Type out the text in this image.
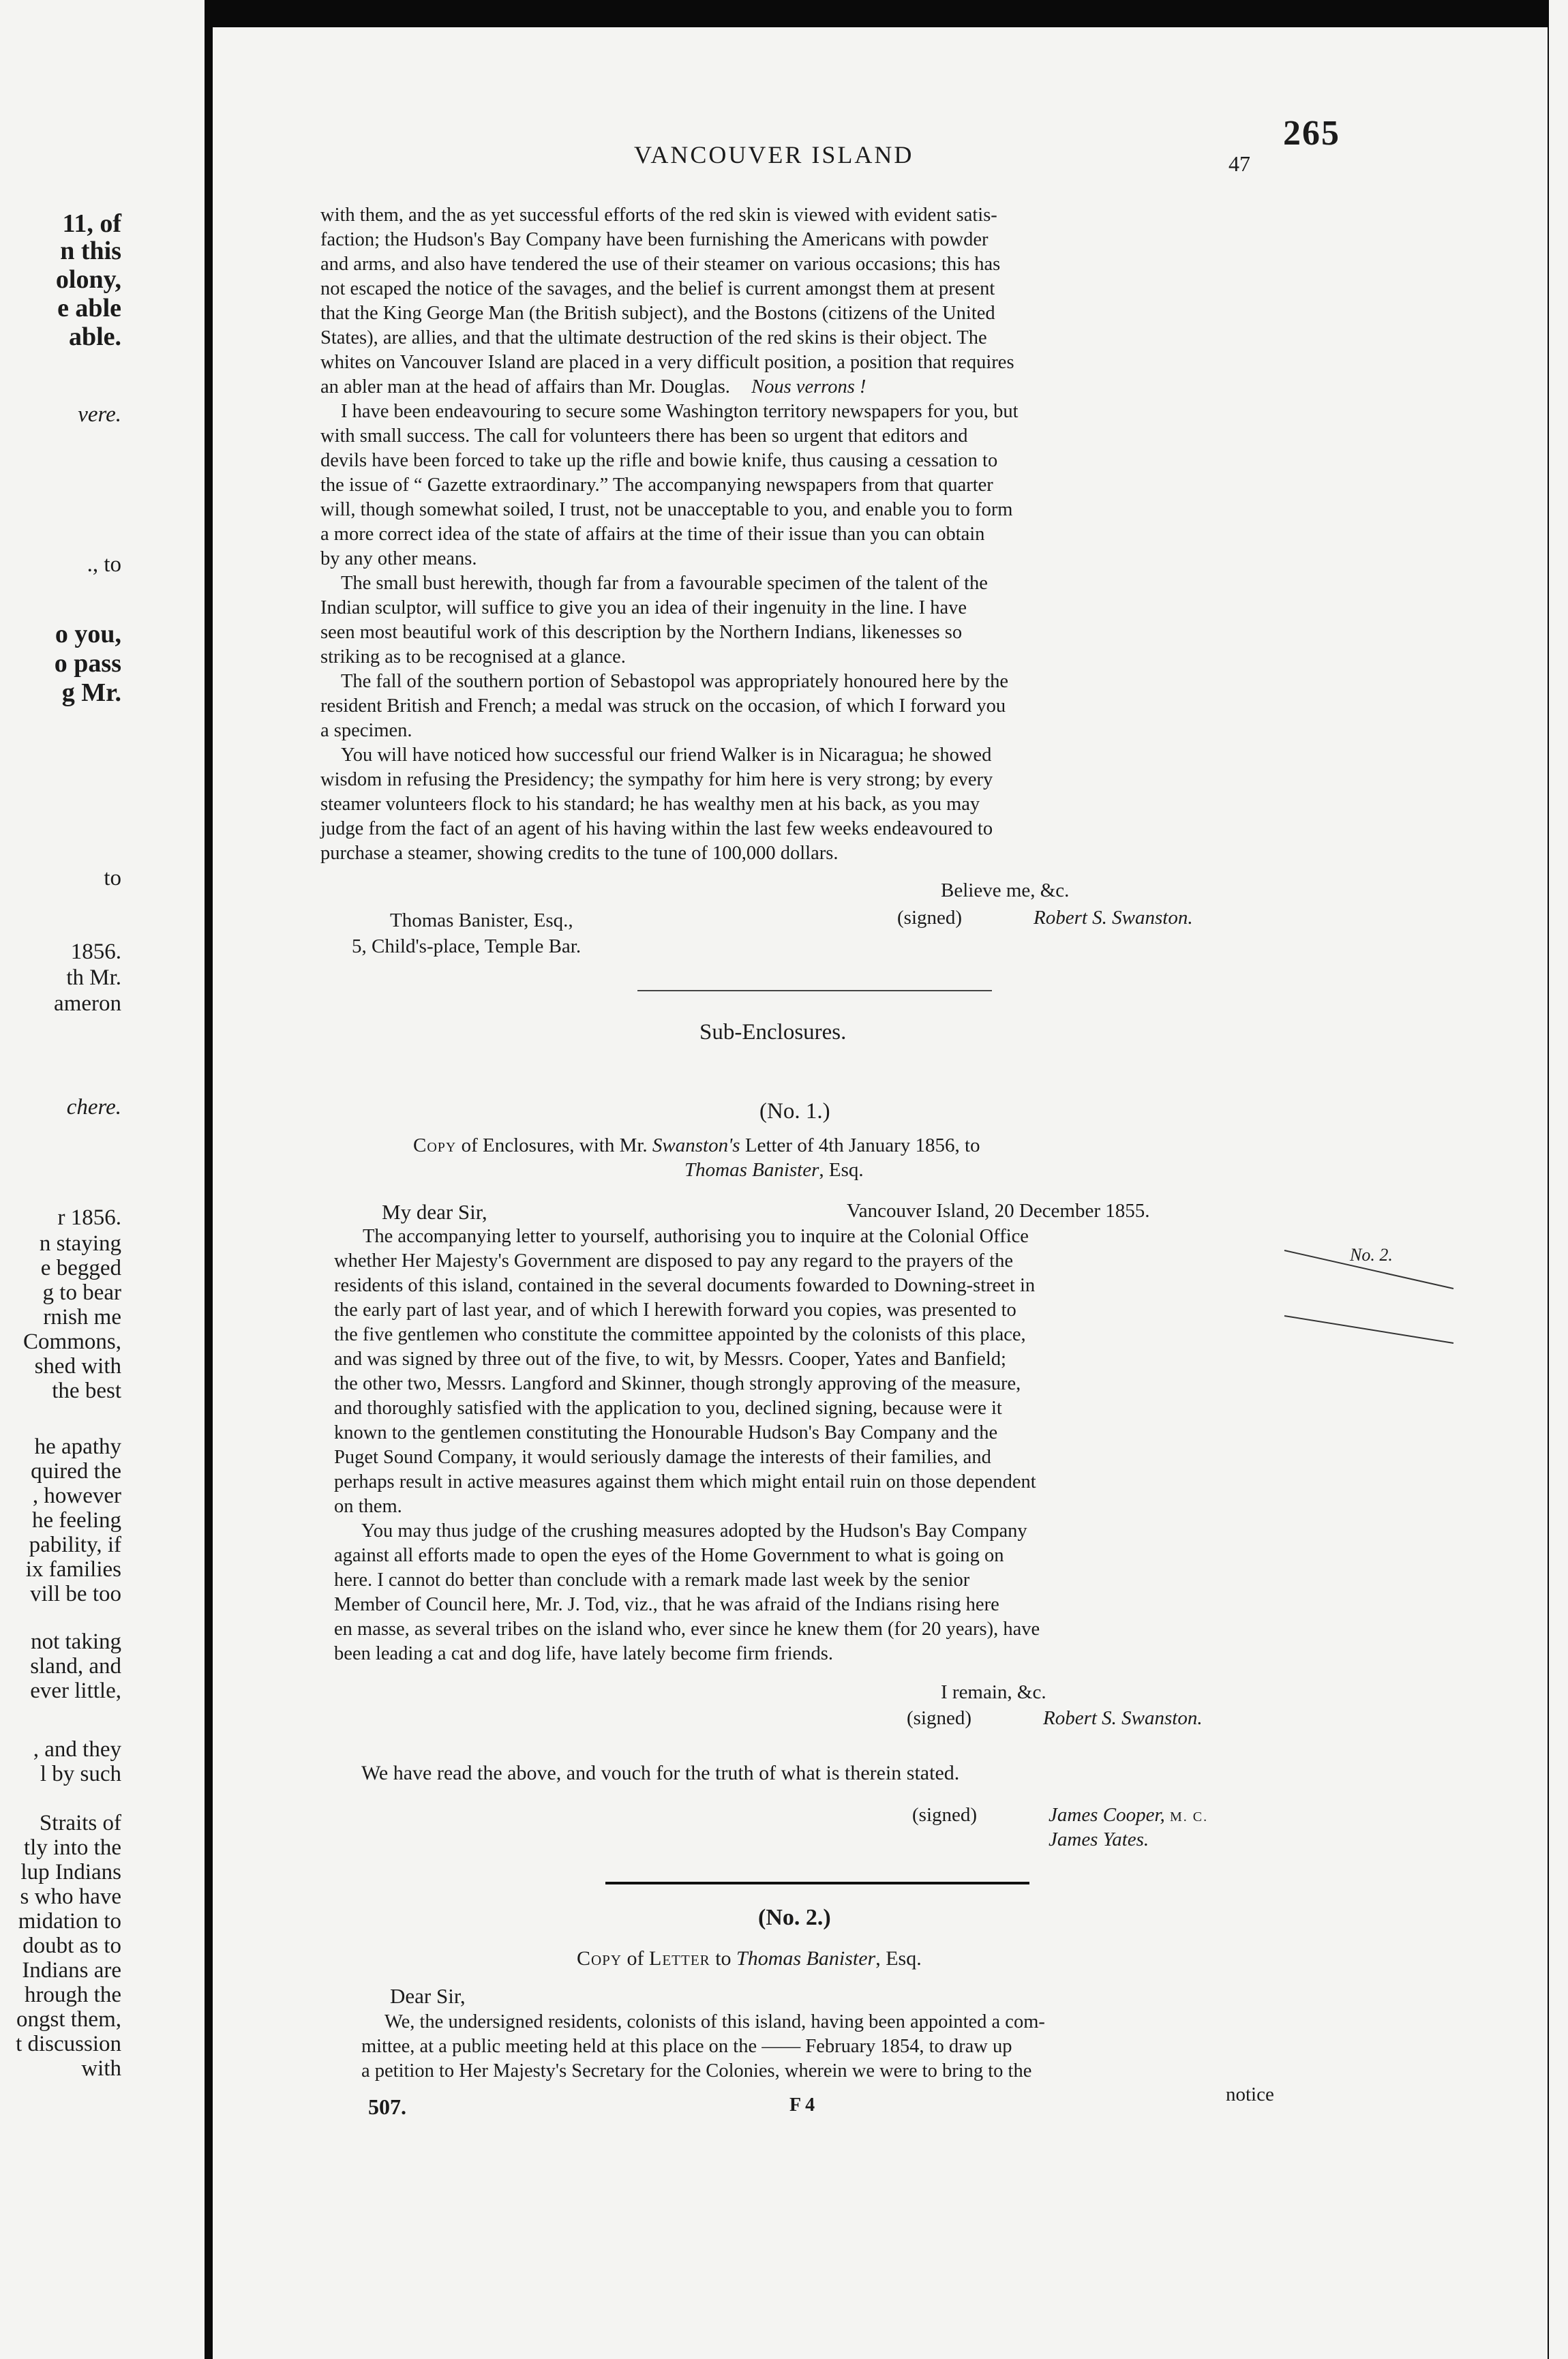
11, of
n this
olony,
e able
able.
vere.
., to
o you,
o pass
g Mr.
to
1856.
th Mr.
ameron
chere.
r 1856.
n staying
e begged
g to bear
rnish me
Commons,
shed with
the best
he apathy
quired the
, however
he feeling
pability, if
ix families
vill be too
not taking
sland, and
ever little,
, and they
l by such
Straits of
tly into the
lup Indians
s who have
midation to
doubt as to
Indians are
hrough the
ongst them,
t discussion
with
VANCOUVER ISLAND	47
265
with them, and the as yet successful efforts of the red skin is viewed with evident satis-
faction; the Hudson's Bay Company have been furnishing the Americans with powder
and arms, and also have tendered the use of their steamer on various occasions; this has
not escaped the notice of the savages, and the belief is current amongst them at present
that the King George Man (the British subject), and the Bostons (citizens of the United
States), are allies, and that the ultimate destruction of the red skins is their object. The
whites on Vancouver Island are placed in a very difficult position, a position that requires
an abler man at the head of affairs than Mr. Douglas. Nous verrons !
I have been endeavouring to secure some Washington territory newspapers for you, but
with small success. The call for volunteers there has been so urgent that editors and
devils have been forced to take up the rifle and bowie knife, thus causing a cessation to
the issue of “ Gazette extraordinary.” The accompanying newspapers from that quarter
will, though somewhat soiled, I trust, not be unacceptable to you, and enable you to form
a more correct idea of the state of affairs at the time of their issue than you can obtain
by any other means.
The small bust herewith, though far from a favourable specimen of the talent of the
Indian sculptor, will suffice to give you an idea of their ingenuity in the line. I have
seen most beautiful work of this description by the Northern Indians, likenesses so
striking as to be recognised at a glance.
The fall of the southern portion of Sebastopol was appropriately honoured here by the
resident British and French; a medal was struck on the occasion, of which I forward you
a specimen.
You will have noticed how successful our friend Walker is in Nicaragua; he showed
wisdom in refusing the Presidency; the sympathy for him here is very strong; by every
steamer volunteers flock to his standard; he has wealthy men at his back, as you may
judge from the fact of an agent of his having within the last few weeks endeavoured to
purchase a steamer, showing credits to the tune of 100,000 dollars.
Believe me, &c.
(signed)	Robert S. Swanston.
Thomas Banister, Esq.,
5, Child's-place, Temple Bar.
Sub-Enclosures.
(No. 1.)
Copy of Enclosures, with Mr. Swanston's Letter of 4th January 1856, to
Thomas Banister, Esq.
My dear Sir,	Vancouver Island, 20 December 1855.
The accompanying letter to yourself, authorising you to inquire at the Colonial Office
whether Her Majesty's Government are disposed to pay any regard to the prayers of the
residents of this island, contained in the several documents fowarded to Downing-street in
the early part of last year, and of which I herewith forward you copies, was presented to
the five gentlemen who constitute the committee appointed by the colonists of this place,
and was signed by three out of the five, to wit, by Messrs. Cooper, Yates and Banfield;
the other two, Messrs. Langford and Skinner, though strongly approving of the measure,
and thoroughly satisfied with the application to you, declined signing, because were it
known to the gentlemen constituting the Honourable Hudson's Bay Company and the
Puget Sound Company, it would seriously damage the interests of their families, and
perhaps result in active measures against them which might entail ruin on those dependent
on them.
You may thus judge of the crushing measures adopted by the Hudson's Bay Company
against all efforts made to open the eyes of the Home Government to what is going on
here. I cannot do better than conclude with a remark made last week by the senior
Member of Council here, Mr. J. Tod, viz., that he was afraid of the Indians rising here
en masse, as several tribes on the island who, ever since he knew them (for 20 years), have
been leading a cat and dog life, have lately become firm friends.
No. 2.
I remain, &c.
(signed)	Robert S. Swanston.
We have read the above, and vouch for the truth of what is therein stated.
(signed)	James Cooper, M. C.
James Yates.
(No. 2.)
Copy of Letter to Thomas Banister, Esq.
Dear Sir,
We, the undersigned residents, colonists of this island, having been appointed a com-
mittee, at a public meeting held at this place on the —— February 1854, to draw up
a petition to Her Majesty's Secretary for the Colonies, wherein we were to bring to the
notice
507.	F 4
